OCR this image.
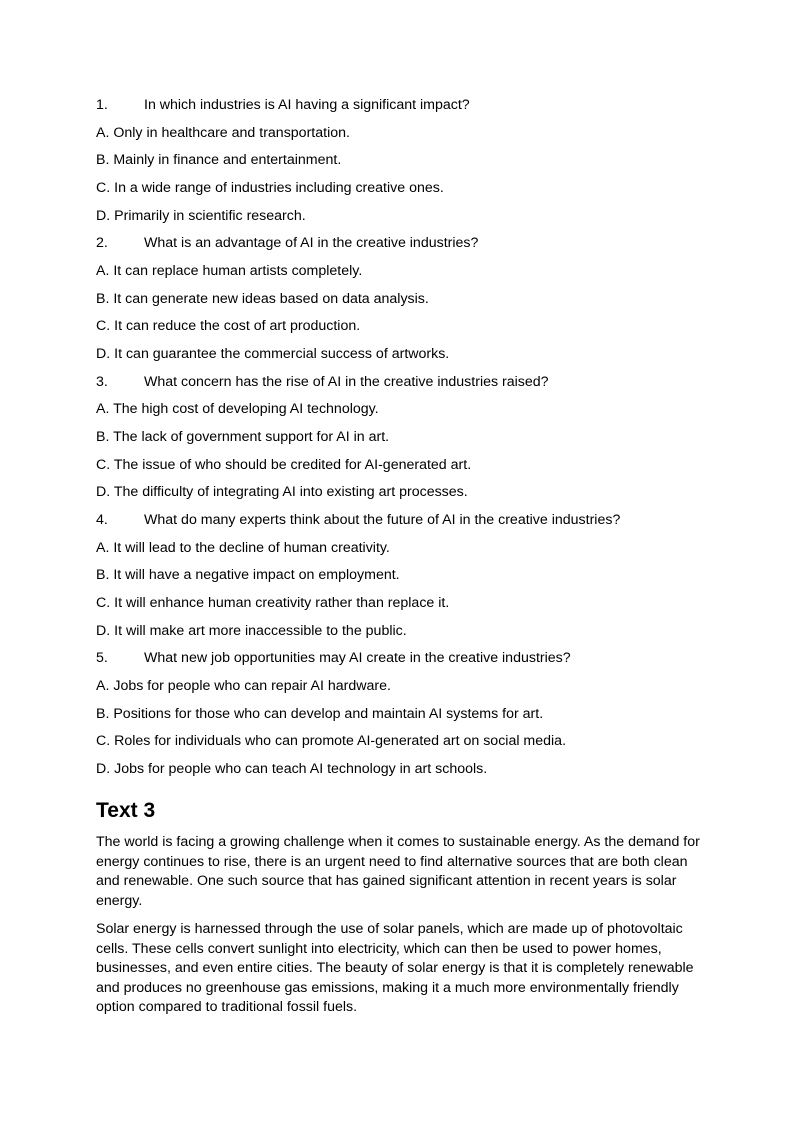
1.	In which industries is AI having a significant impact?
A. Only in healthcare and transportation.
B. Mainly in finance and entertainment.
C. In a wide range of industries including creative ones.
D. Primarily in scientific research.
2.	What is an advantage of AI in the creative industries?
A. It can replace human artists completely.
B. It can generate new ideas based on data analysis.
C. It can reduce the cost of art production.
D. It can guarantee the commercial success of artworks.
3.	What concern has the rise of AI in the creative industries raised?
A. The high cost of developing AI technology.
B. The lack of government support for AI in art.
C. The issue of who should be credited for AI-generated art.
D. The difficulty of integrating AI into existing art processes.
4.	What do many experts think about the future of AI in the creative industries?
A. It will lead to the decline of human creativity.
B. It will have a negative impact on employment.
C. It will enhance human creativity rather than replace it.
D. It will make art more inaccessible to the public.
5.	What new job opportunities may AI create in the creative industries?
A. Jobs for people who can repair AI hardware.
B. Positions for those who can develop and maintain AI systems for art.
C. Roles for individuals who can promote AI-generated art on social media.
D. Jobs for people who can teach AI technology in art schools.
Text 3
The world is facing a growing challenge when it comes to sustainable energy. As the demand for energy continues to rise, there is an urgent need to find alternative sources that are both clean and renewable. One such source that has gained significant attention in recent years is solar energy.
Solar energy is harnessed through the use of solar panels, which are made up of photovoltaic cells. These cells convert sunlight into electricity, which can then be used to power homes, businesses, and even entire cities. The beauty of solar energy is that it is completely renewable and produces no greenhouse gas emissions, making it a much more environmentally friendly option compared to traditional fossil fuels.
